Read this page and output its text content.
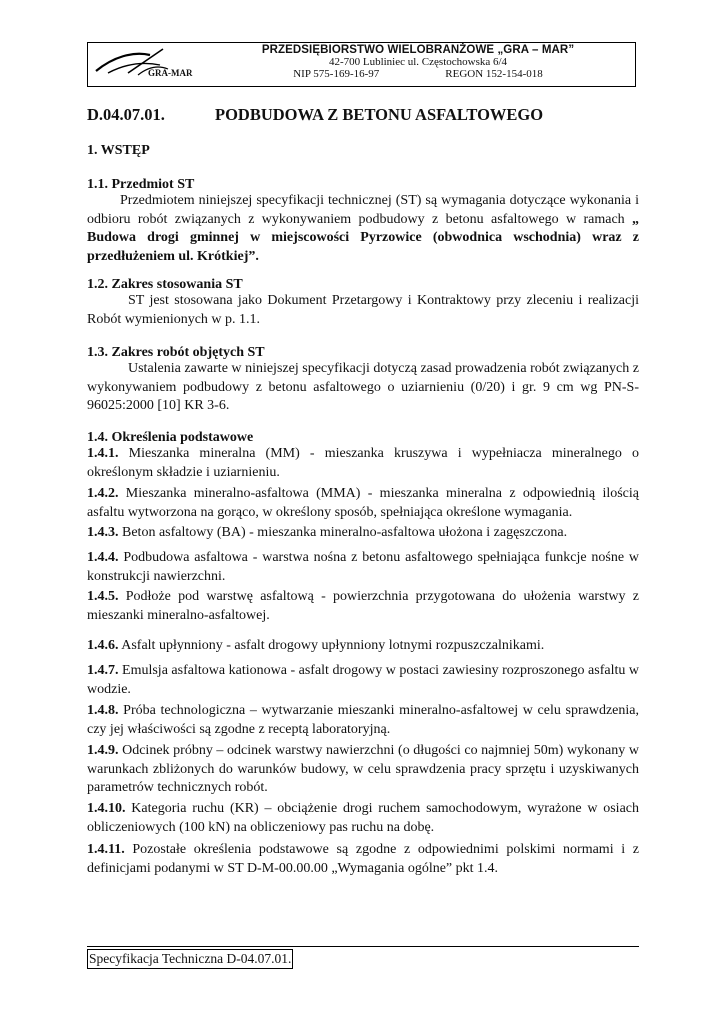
GRA-MAR
PRZEDSIĘBIORSTWO WIELOBRANŻOWE „GRA – MAR”
42-700 Lubliniec ul. Częstochowska 6/4
NIP 575-169-16-97	REGON 152-154-018
D.04.07.01.	PODBUDOWA Z BETONU ASFALTOWEGO

1. WSTĘP

1.1. Przedmiot ST

Przedmiotem niniejszej specyfikacji technicznej (ST) są wymagania dotyczące wykonania i odbioru robót związanych z wykonywaniem podbudowy z betonu asfaltowego w ramach „ Budowa drogi gminnej w miejscowości Pyrzowice (obwodnica wschodnia) wraz z przedłużeniem ul. Krótkiej”.

1.2. Zakres stosowania ST

ST jest stosowana jako Dokument Przetargowy i Kontraktowy przy zleceniu i realizacji Robót wymienionych w p. 1.1.

1.3. Zakres robót objętych ST

Ustalenia zawarte w niniejszej specyfikacji dotyczą zasad prowadzenia robót związanych z wykonywaniem podbudowy z betonu asfaltowego o uziarnieniu (0/20) i gr. 9 cm wg PN-S-96025:2000 [10] KR 3-6.

1.4. Określenia podstawowe

1.4.1. Mieszanka mineralna (MM) - mieszanka kruszywa i wypełniacza mineralnego o określonym składzie i uziarnieniu.

1.4.2. Mieszanka mineralno-asfaltowa (MMA) - mieszanka mineralna z odpowiednią ilością asfaltu wytworzona na gorąco, w określony sposób, spełniająca określone wymagania.

1.4.3. Beton asfaltowy (BA) - mieszanka mineralno-asfaltowa ułożona i zagęszczona.

1.4.4. Podbudowa asfaltowa - warstwa nośna z betonu asfaltowego spełniająca funkcje nośne w konstrukcji nawierzchni.

1.4.5. Podłoże pod warstwę asfaltową - powierzchnia przygotowana do ułożenia warstwy z mieszanki mineralno-asfaltowej.

1.4.6. Asfalt upłynniony - asfalt drogowy upłynniony lotnymi rozpuszczalnikami.

1.4.7. Emulsja asfaltowa kationowa - asfalt drogowy w postaci zawiesiny rozproszonego asfaltu w wodzie.

1.4.8. Próba technologiczna – wytwarzanie mieszanki mineralno-asfaltowej w celu sprawdzenia, czy jej właściwości są zgodne z receptą laboratoryjną.

1.4.9. Odcinek próbny – odcinek warstwy nawierzchni (o długości co najmniej 50m) wykonany w warunkach zbliżonych do warunków budowy, w celu sprawdzenia pracy sprzętu i uzyskiwanych parametrów technicznych robót.

1.4.10. Kategoria ruchu (KR) – obciążenie drogi ruchem samochodowym, wyrażone w osiach obliczeniowych (100 kN) na obliczeniowy pas ruchu na dobę.

1.4.11. Pozostałe określenia podstawowe są zgodne z odpowiednimi polskimi normami i z definicjami podanymi w ST D-M-00.00.00 „Wymagania ogólne” pkt 1.4.

Specyfikacja Techniczna D-04.07.01.
